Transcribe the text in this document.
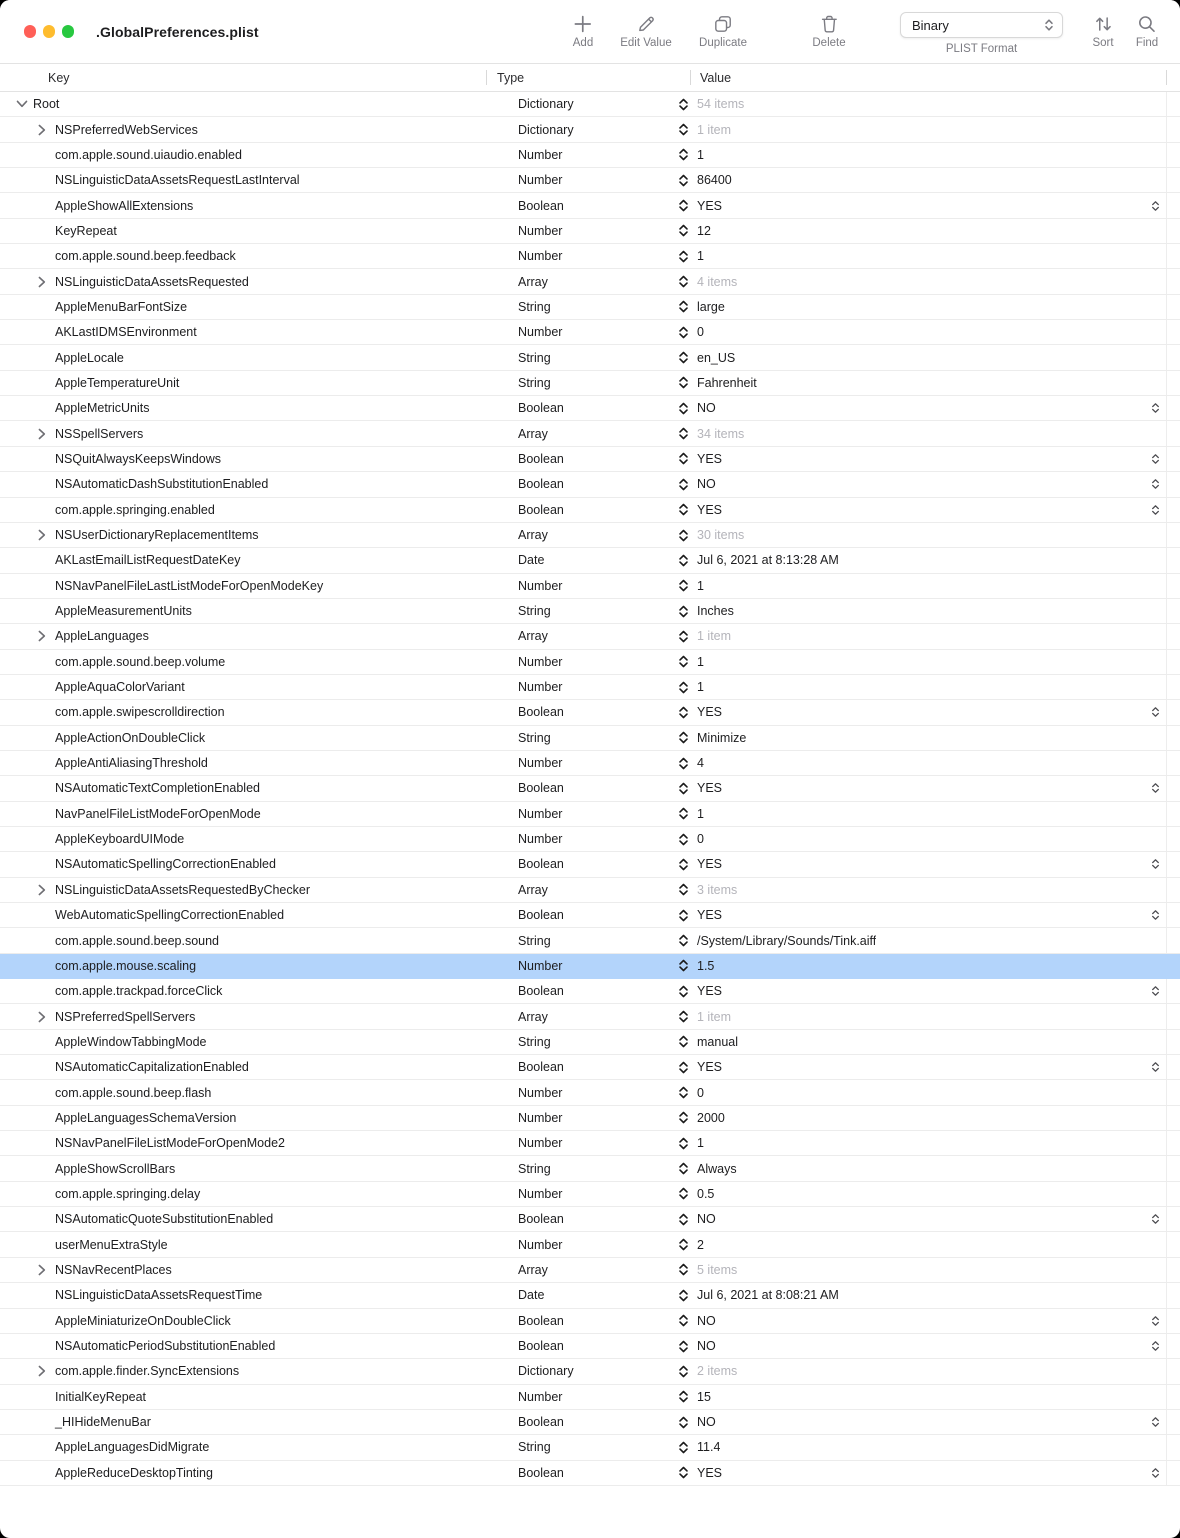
.GlobalPreferences.plist
Add Edit Value Duplicate	Delete
Binary
PLIST Format	Sort Find
Key	Type	Value
Root	Dictionary	54 items
NSPreferredWebServices	Dictionary	1 item
com.apple.sound.uiaudio.enabled	Number	1
NSLinguisticDataAssetsRequestLastInterval	Number	86400
AppleShowAllExtensions	Boolean	YES
KeyRepeat	Number	12
com.apple.sound.beep.feedback	Number	1
NSLinguisticDataAssetsRequested	Array	4 items
AppleMenuBarFontSize	String	large
AKLastIDMSEnvironment	Number	0
AppleLocale	String	en_US
AppleTemperatureUnit	String	Fahrenheit
AppleMetricUnits	Boolean	NO
NSSpellServers	Array	34 items
NSQuitAlwaysKeepsWindows	Boolean	YES
NSAutomaticDashSubstitutionEnabled	Boolean	NO
com.apple.springing.enabled	Boolean	YES
NSUserDictionaryReplacementItems	Array	30 items
AKLastEmailListRequestDateKey	Date	Jul 6, 2021 at 8:13:28 AM
NSNavPanelFileLastListModeForOpenModeKey	Number	1
AppleMeasurementUnits	String	Inches
AppleLanguages	Array	1 item
com.apple.sound.beep.volume	Number	1
AppleAquaColorVariant	Number	1
com.apple.swipescrolldirection	Boolean	YES
AppleActionOnDoubleClick	String	Minimize
AppleAntiAliasingThreshold	Number	4
NSAutomaticTextCompletionEnabled	Boolean	YES
NavPanelFileListModeForOpenMode	Number	1
AppleKeyboardUIMode	Number	0
NSAutomaticSpellingCorrectionEnabled	Boolean	YES
NSLinguisticDataAssetsRequestedByChecker	Array	3 items
WebAutomaticSpellingCorrectionEnabled	Boolean	YES
com.apple.sound.beep.sound	String	/System/Library/Sounds/Tink.aiff
com.apple.mouse.scaling	Number	1.5
com.apple.trackpad.forceClick	Boolean	YES
NSPreferredSpellServers	Array	1 item
AppleWindowTabbingMode	String	manual
NSAutomaticCapitalizationEnabled	Boolean	YES
com.apple.sound.beep.flash	Number	0
AppleLanguagesSchemaVersion	Number	2000
NSNavPanelFileListModeForOpenMode2	Number	1
AppleShowScrollBars	String	Always
com.apple.springing.delay	Number	0.5
NSAutomaticQuoteSubstitutionEnabled	Boolean	NO
userMenuExtraStyle	Number	2
NSNavRecentPlaces	Array	5 items
NSLinguisticDataAssetsRequestTime	Date	Jul 6, 2021 at 8:08:21 AM
AppleMiniaturizeOnDoubleClick	Boolean	NO
NSAutomaticPeriodSubstitutionEnabled	Boolean	NO
com.apple.finder.SyncExtensions	Dictionary	2 items
InitialKeyRepeat	Number	15
_HIHideMenuBar	Boolean	NO
AppleLanguagesDidMigrate	String	11.4
AppleReduceDesktopTinting	Boolean	YES
